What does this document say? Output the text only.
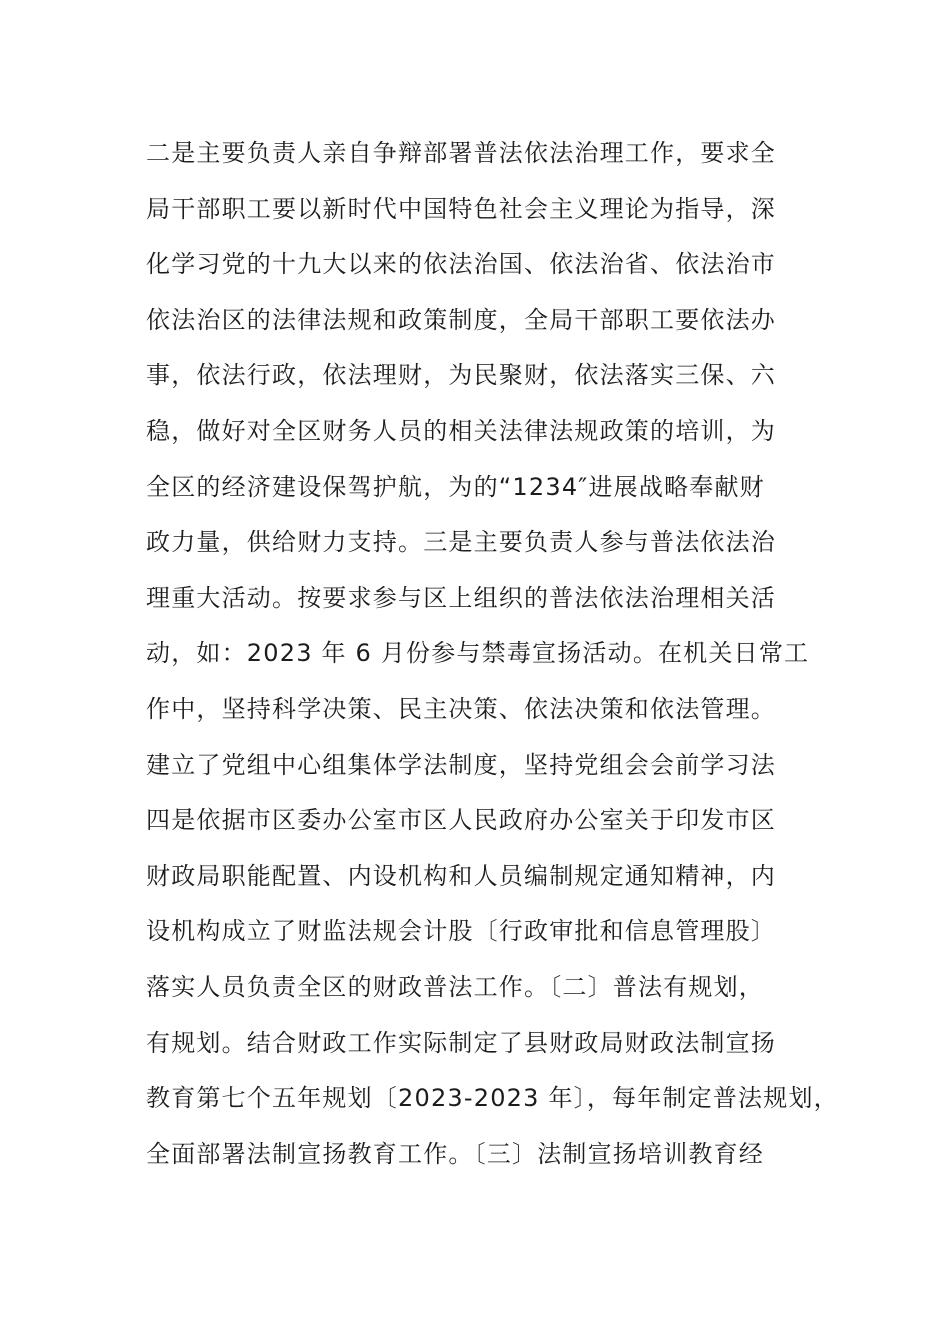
二是主要负责人亲自争辩部署普法依法治理工作，要求全
局干部职工要以新时代中国特色社会主义理论为指导，深
化学习党的十九大以来的依法治国、依法治省、依法治市
依法治区的法律法规和政策制度，全局干部职工要依法办
事，依法行政，依法理财，为民聚财，依法落实三保、六
稳，做好对全区财务人员的相关法律法规政策的培训，为
全区的经济建设保驾护航，为的“1234″进展战略奉献财
政力量，供给财力支持。三是主要负责人参与普法依法治
理重大活动。按要求参与区上组织的普法依法治理相关活
动，如：2023 年 6 月份参与禁毒宣扬活动。在机关日常工
作中，坚持科学决策、民主决策、依法决策和依法管理。
建立了党组中心组集体学法制度，坚持党组会会前学习法
四是依据市区委办公室市区人民政府办公室关于印发市区
财政局职能配置、内设机构和人员编制规定通知精神，内
设机构成立了财监法规会计股〔行政审批和信息管理股〕
落实人员负责全区的财政普法工作。〔二〕普法有规划，
有规划。结合财政工作实际制定了县财政局财政法制宣扬
教育第七个五年规划〔2023-2023 年〕，每年制定普法规划，
全面部署法制宣扬教育工作。〔三〕法制宣扬培训教育经
